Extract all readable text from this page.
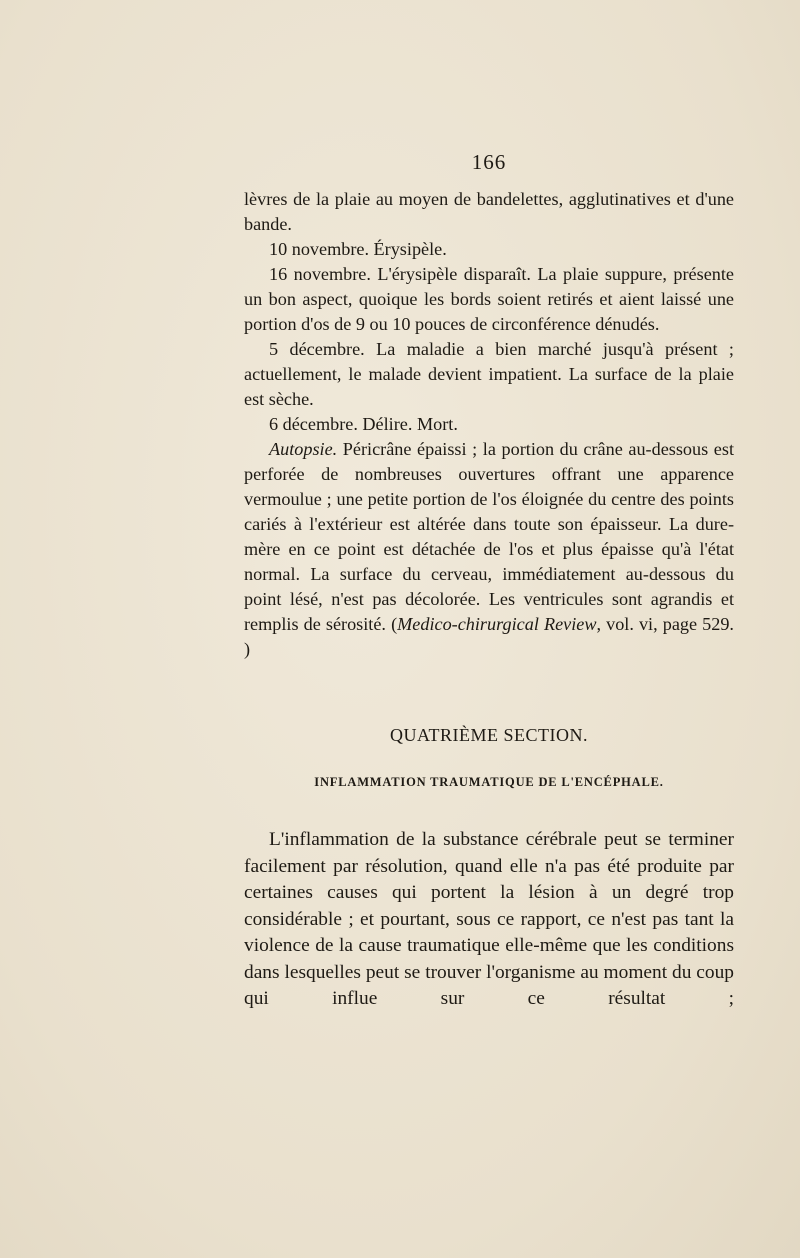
166

lèvres de la plaie au moyen de bandelettes, agglutinatives et d'une bande.

10 novembre. Érysipèle.

16 novembre. L'érysipèle disparaît. La plaie suppure, présente un bon aspect, quoique les bords soient retirés et aient laissé une portion d'os de 9 ou 10 pouces de circonférence dénudés.

5 décembre. La maladie a bien marché jusqu'à présent ; actuellement, le malade devient impatient. La surface de la plaie est sèche.

6 décembre. Délire. Mort.

Autopsie. Péricrâne épaissi ; la portion du crâne au-dessous est perforée de nombreuses ouvertures offrant une apparence vermoulue ; une petite portion de l'os éloignée du centre des points cariés à l'extérieur est altérée dans toute son épaisseur. La dure-mère en ce point est détachée de l'os et plus épaisse qu'à l'état normal. La surface du cerveau, immédiatement au-dessous du point lésé, n'est pas décolorée. Les ventricules sont agrandis et remplis de sérosité. (Medico-chirurgical Review, vol. vi, page 529. )

QUATRIÈME SECTION.
INFLAMMATION TRAUMATIQUE DE L'ENCÉPHALE.

L'inflammation de la substance cérébrale peut se terminer facilement par résolution, quand elle n'a pas été produite par certaines causes qui portent la lésion à un degré trop considérable ; et pourtant, sous ce rapport, ce n'est pas tant la violence de la cause traumatique elle-même que les conditions dans lesquelles peut se trouver l'organisme au moment du coup qui influe sur ce résultat ;
